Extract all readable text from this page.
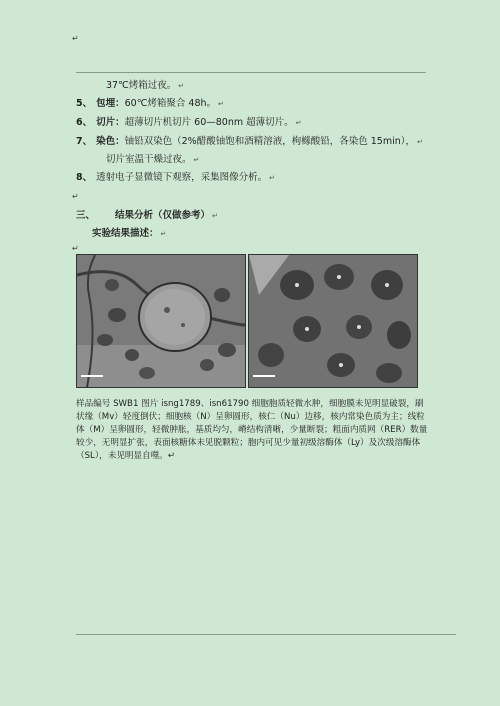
↵
37℃烤箱过夜。 ↵
5、 包埋：60℃烤箱聚合 48h。 ↵
6、 切片：超薄切片机切片 60—80nm 超薄切片。 ↵
7、 染色：铀铅双染色（2%醋酸铀饱和酒精溶液，枸橼酸铅，各染色 15min）， ↵
切片室温干燥过夜。 ↵
8、 透射电子显微镜下观察，采集图像分析。 ↵
↵
三、 结果分析（仅做参考） ↵
实验结果描述： ↵
↵
样品编号 SWB1 图片 isng1789、isn61790 细胞胞质轻微水肿，细胞膜未见明显破裂，刷状缘（Mv）轻度倒伏；细胞核（N）呈卵圆形，核仁（Nu）边移，核内常染色质为主；线粒体（M）呈卵圆形，轻微肿胀，基质均匀，嵴结构清晰，少量断裂；粗面内质网（RER）数量较少，无明显扩张，表面核糖体未见脱颗粒；胞内可见少量初级溶酶体（Ly）及次级溶酶体（SL），未见明显自噬。↵
